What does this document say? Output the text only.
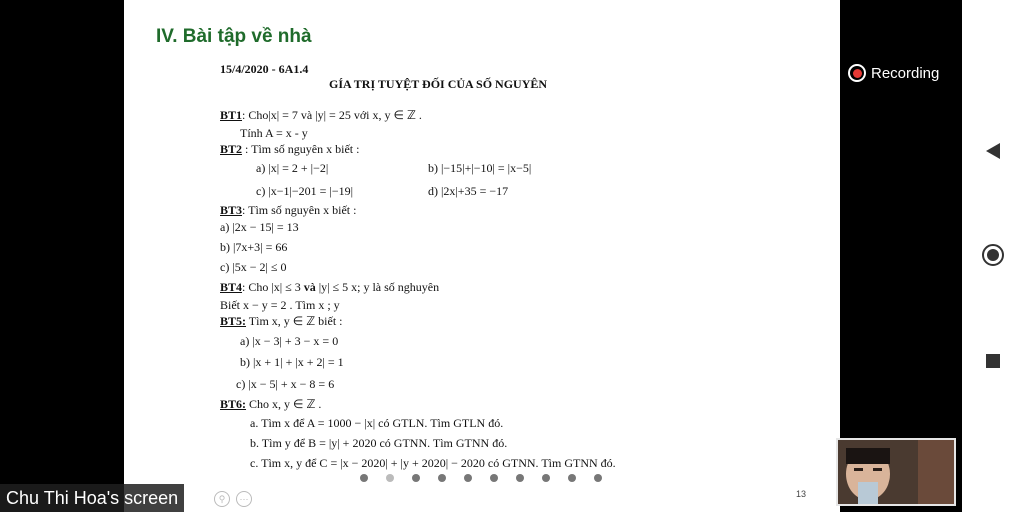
IV. Bài tập về nhà
15/4/2020 - 6A1.4
GÍA TRỊ TUYỆT ĐỐI CỦA SỐ NGUYÊN
BT1: Cho|x| = 7 và |y| = 25 với x, y ∈ ℤ .
Tính A = x - y
BT2 : Tìm số nguyên x biết :
a) |x| = 2 + |−2|	b) |−15|+|−10| = |x−5|
c) |x−1|−201 = |−19|	d) |2x|+35 = −17
BT3: Tìm số nguyên x biết :
a) |2x − 15| = 13
b) |7x+3| = 66
c) |5x − 2| ≤ 0
BT4: Cho |x| ≤ 3 và |y| ≤ 5 x; y là số nghuyên
Biết x − y = 2 . Tìm x ; y
BT5: Tìm x, y ∈ ℤ biết :
a) |x − 3| + 3 − x = 0
b) |x + 1| + |x + 2| = 1
c) |x − 5| + x − 8 = 6
BT6: Cho x, y ∈ ℤ .
a. Tìm x để A = 1000 − |x| có GTLN. Tìm GTLN đó.
b. Tìm y để B = |y| + 2020 có GTNN. Tìm GTNN đó.
c. Tìm x, y để C = |x − 2020| + |y + 2020| − 2020 có GTNN. Tìm GTNN đó.
13
Recording
Chu Thi Hoa's screen	⚲	⋯
